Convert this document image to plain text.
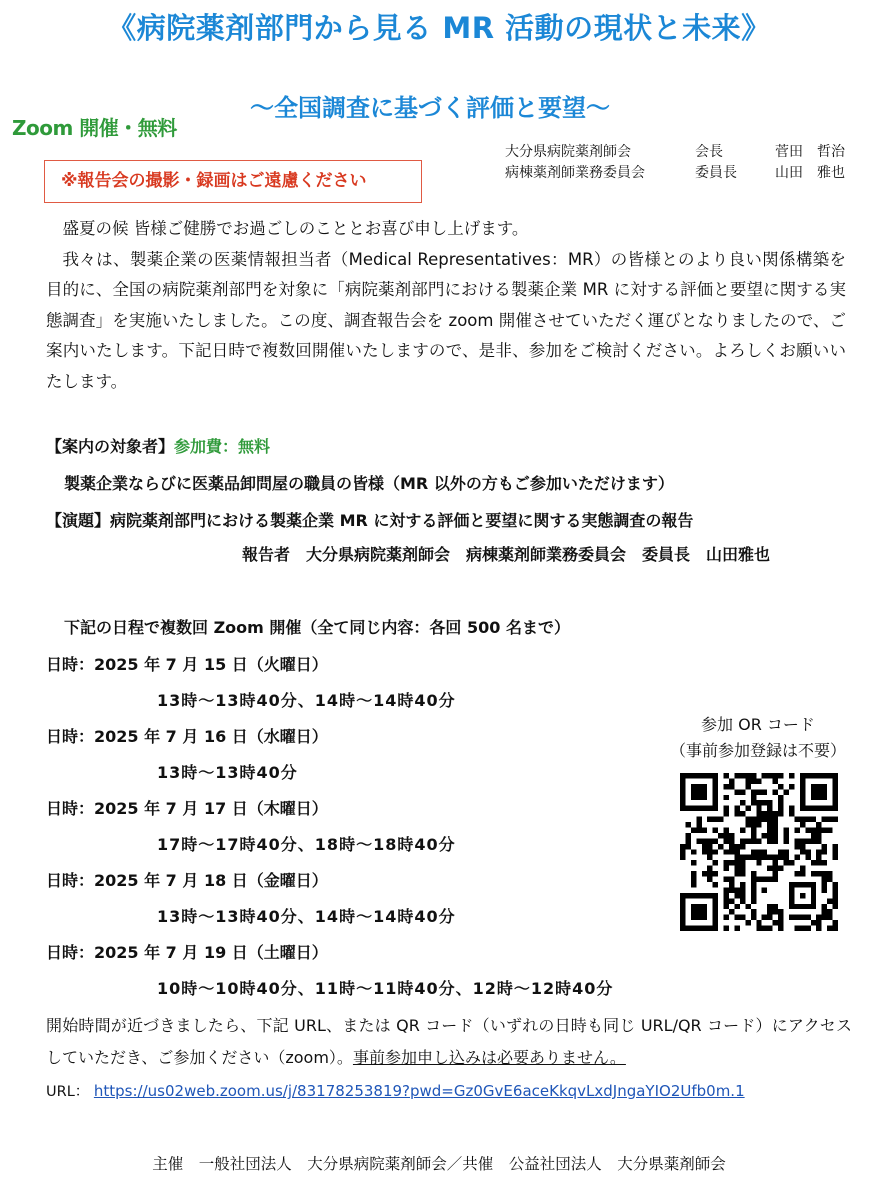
《病院薬剤部門から見る MR 活動の現状と未来》
Zoom 開催・無料
〜全国調査に基づく評価と要望〜
大分県病院薬剤師会	会長	菅田　哲治
病棟薬剤師業務委員会	委員長	山田　雅也
※報告会の撮影・録画はご遠慮ください

盛夏の候 皆様ご健勝でお過ごしのこととお喜び申し上げます。

我々は、製薬企業の医薬情報担当者（Medical Representatives：MR）の皆様とのより良い関係構築を目的に、全国の病院薬剤部門を対象に「病院薬剤部門における製薬企業 MR に対する評価と要望に関する実態調査」を実施いたしました。この度、調査報告会を zoom 開催させていただく運びとなりましたので、ご案内いたします。下記日時で複数回開催いたしますので、是非、参加をご検討ください。よろしくお願いいたします。

【案内の対象者】参加費：無料
製薬企業ならびに医薬品卸問屋の職員の皆様（MR 以外の方もご参加いただけます）
【演題】病院薬剤部門における製薬企業 MR に対する評価と要望に関する実態調査の報告
報告者　大分県病院薬剤師会　病棟薬剤師業務委員会　委員長　山田雅也
下記の日程で複数回 Zoom 開催（全て同じ内容：各回 500 名まで）
日時：2025 年 7 月 15 日（火曜日）
13時〜13時40分、14時〜14時40分
日時：2025 年 7 月 16 日（水曜日）
13時〜13時40分
日時：2025 年 7 月 17 日（木曜日）
17時〜17時40分、18時〜18時40分
日時：2025 年 7 月 18 日（金曜日）
13時〜13時40分、14時〜14時40分
日時：2025 年 7 月 19 日（土曜日）
10時〜10時40分、11時〜11時40分、12時〜12時40分
参加 OR コード
（事前参加登録は不要）
開始時間が近づきましたら、下記 URL、または QR コード（いずれの日時も同じ URL/QR コード）にアクセスしていただき、ご参加ください（zoom）。事前参加申し込みは必要ありません。
URL： https://us02web.zoom.us/j/83178253819?pwd=Gz0GvE6aceKkqvLxdJngaYIO2Ufb0m.1
主催　一般社団法人　大分県病院薬剤師会／共催　公益社団法人　大分県薬剤師会
